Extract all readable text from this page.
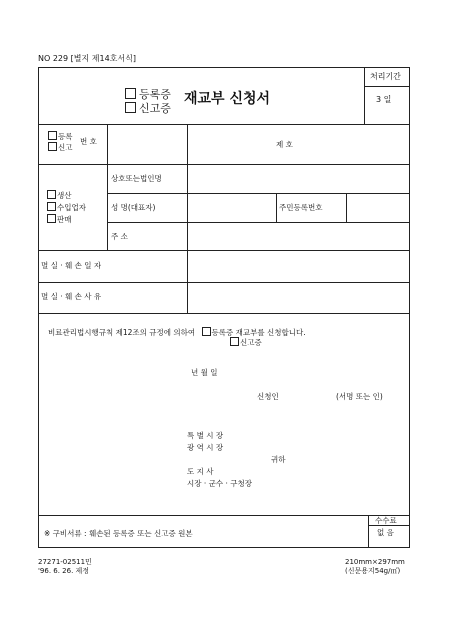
NO 229 [별지 제14호서식]
등록증
신고증
재교부 신청서
처리기간
3 일
등록
신고
번 호	제 호
생산
수입업자
판매
상호또는법인명
성 명(대표자)	주민등록번호
주 소
멸 실 · 훼 손 일 자
멸 실 · 훼 손 사 유
비료관리법시행규칙 제12조의 규정에 의하여 등록증 재교부를 신청합니다.
신고증
년 월 일
신청인	(서명 또는 인)
특 별 시 장
광 역 시 장
귀하
도 지 사
시장 · 군수 · 구청장
※ 구비서류 : 훼손된 등록증 또는 신고증 원본
수수료
없 음
27271-02511민
'96. 6. 26. 제정
210mm×297mm
(신문용지54g/㎡)
